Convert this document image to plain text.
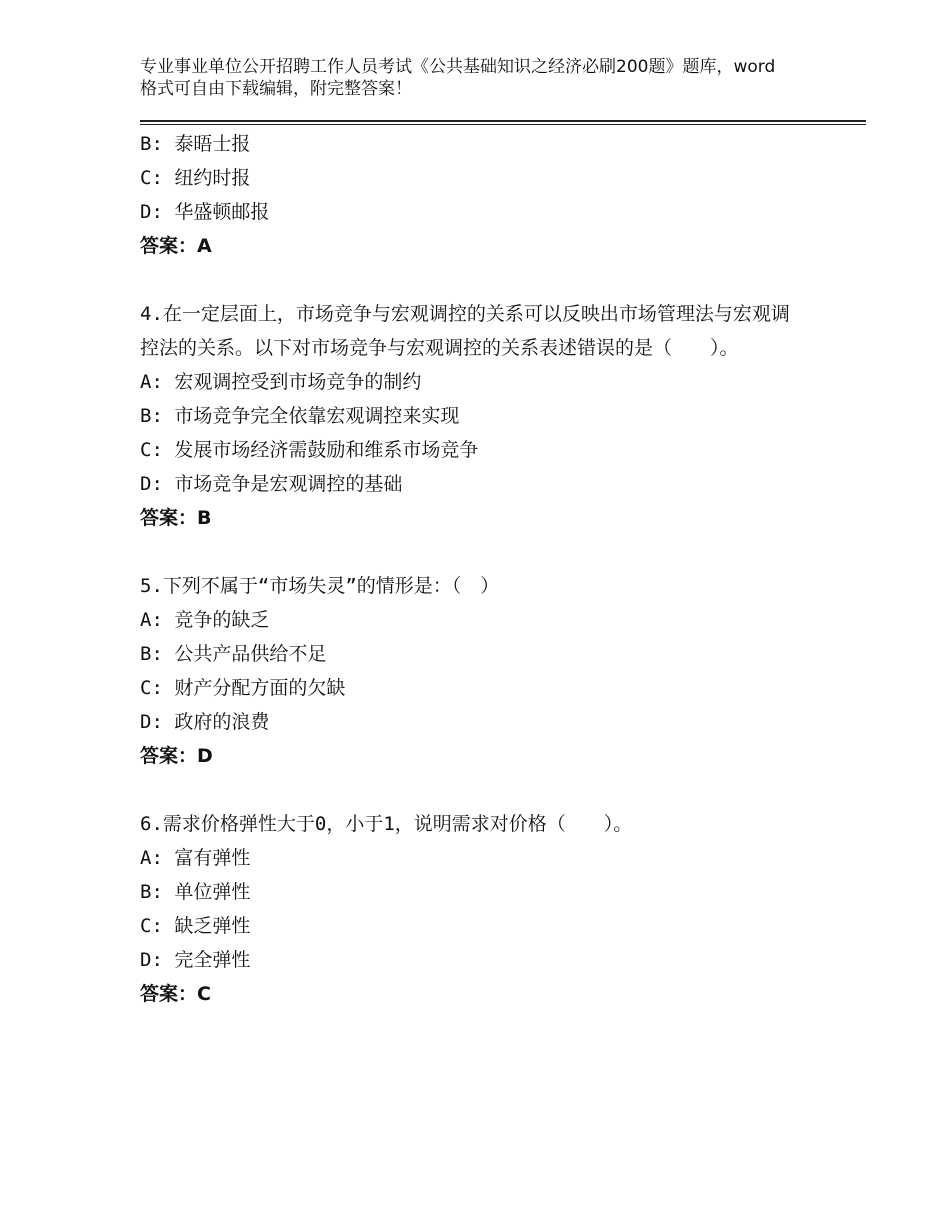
专业事业单位公开招聘工作人员考试《公共基础知识之经济必刷200题》题库，word格式可自由下载编辑，附完整答案！
B: 泰晤士报
C: 纽约时报
D: 华盛顿邮报
答案：A
4.在一定层面上，市场竞争与宏观调控的关系可以反映出市场管理法与宏观调控法的关系。以下对市场竞争与宏观调控的关系表述错误的是（　　）。
A: 宏观调控受到市场竞争的制约
B: 市场竞争完全依靠宏观调控来实现
C: 发展市场经济需鼓励和维系市场竞争
D: 市场竞争是宏观调控的基础
答案：B
5.下列不属于“市场失灵”的情形是：（　）
A: 竞争的缺乏
B: 公共产品供给不足
C: 财产分配方面的欠缺
D: 政府的浪费
答案：D
6.需求价格弹性大于0，小于1，说明需求对价格（　　）。
A: 富有弹性
B: 单位弹性
C: 缺乏弹性
D: 完全弹性
答案：C
